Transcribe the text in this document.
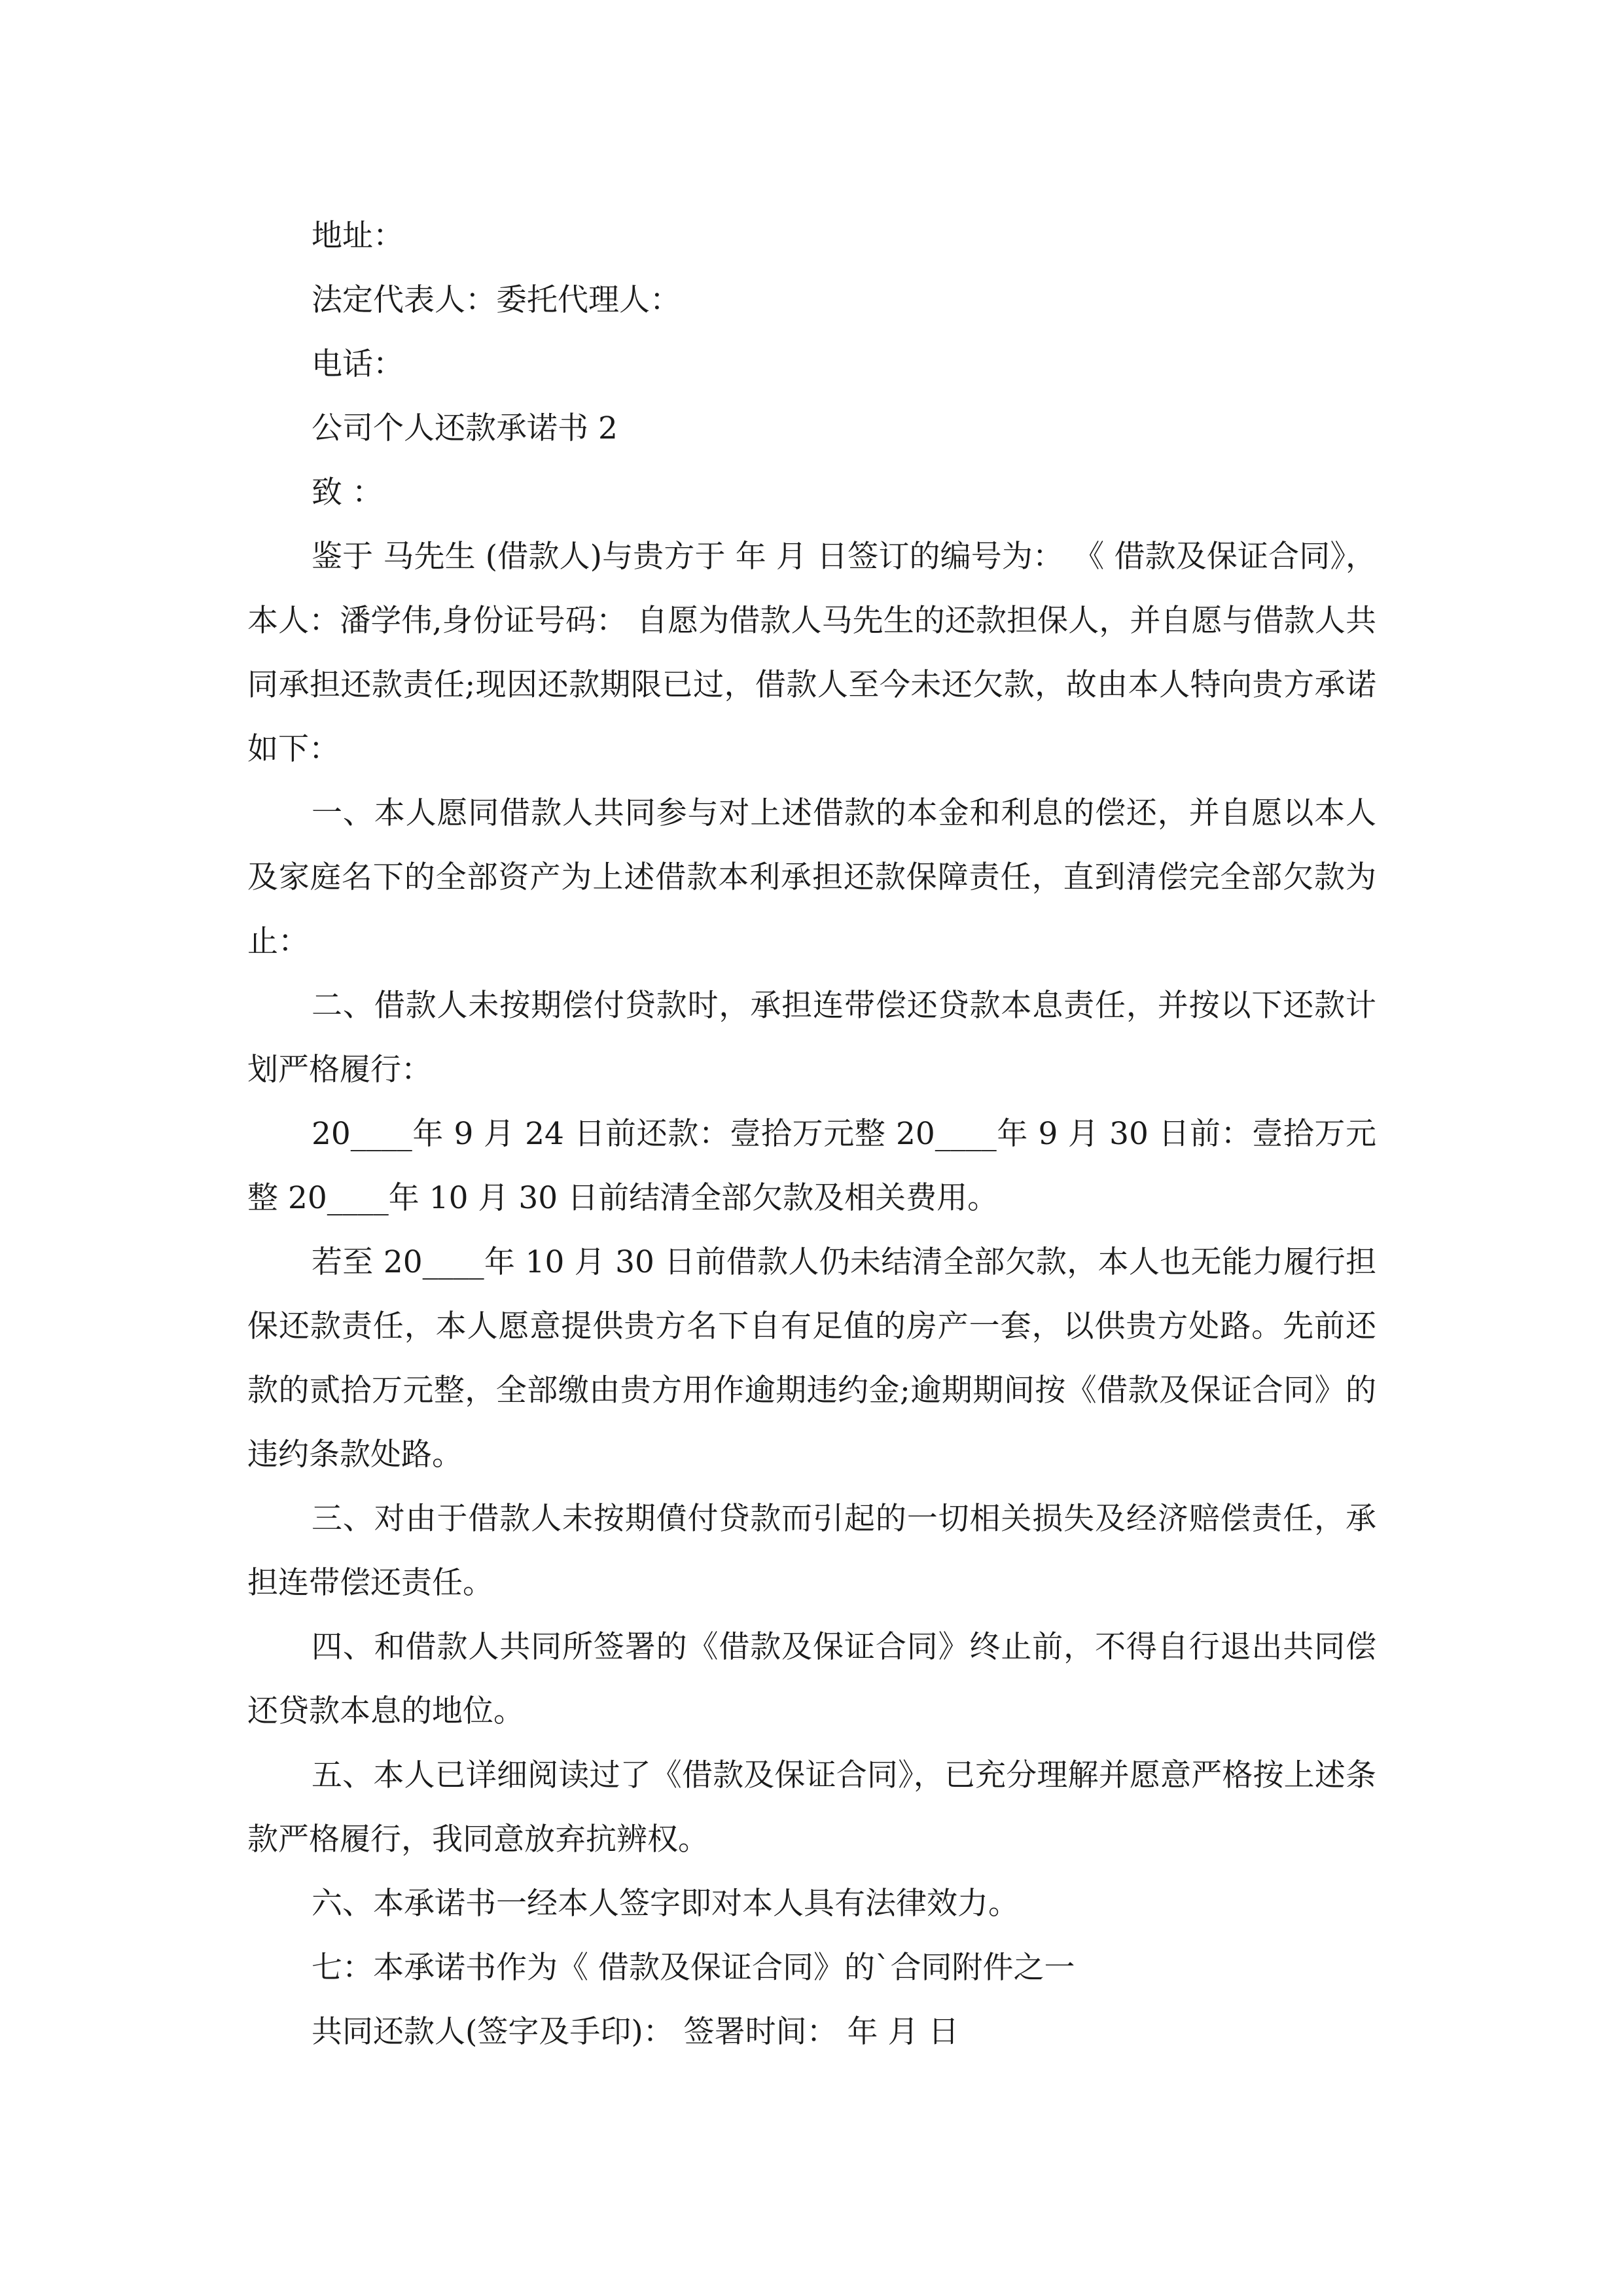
地址：

法定代表人：委托代理人：

电话：

公司个人还款承诺书 2

致 ：

鉴于 马先生 (借款人)与贵方于 年 月 日签订的编号为： 《 借款及保证合同》，本人：潘学伟,身份证号码： 自愿为借款人马先生的还款担保人，并自愿与借款人共同承担还款责任;现因还款期限已过，借款人至今未还欠款，故由本人特向贵方承诺如下：

一、本人愿同借款人共同参与对上述借款的本金和利息的偿还，并自愿以本人及家庭名下的全部资产为上述借款本利承担还款保障责任，直到清偿完全部欠款为止：

二、借款人未按期偿付贷款时，承担连带偿还贷款本息责任，并按以下还款计划严格履行：

20____年 9 月 24 日前还款：壹拾万元整 20____年 9 月 30 日前：壹拾万元整 20____年 10 月 30 日前结清全部欠款及相关费用。

若至 20____年 10 月 30 日前借款人仍未结清全部欠款，本人也无能力履行担保还款责任，本人愿意提供贵方名下自有足值的房产一套，以供贵方处路。先前还款的贰拾万元整，全部缴由贵方用作逾期违约金;逾期期间按《借款及保证合同》的违约条款处路。

三、对由于借款人未按期僨付贷款而引起的一切相关损失及经济赔偿责任，承担连带偿还责任。

四、和借款人共同所签署的《借款及保证合同》终止前，不得自行退出共同偿还贷款本息的地位。

五、本人已详细阅读过了《借款及保证合同》，已充分理解并愿意严格按上述条款严格履行，我同意放弃抗辨权。

六、本承诺书一经本人签字即对本人具有法律效力。

七：本承诺书作为《 借款及保证合同》的`合同附件之一

共同还款人(签字及手印)： 签署时间： 年 月 日
